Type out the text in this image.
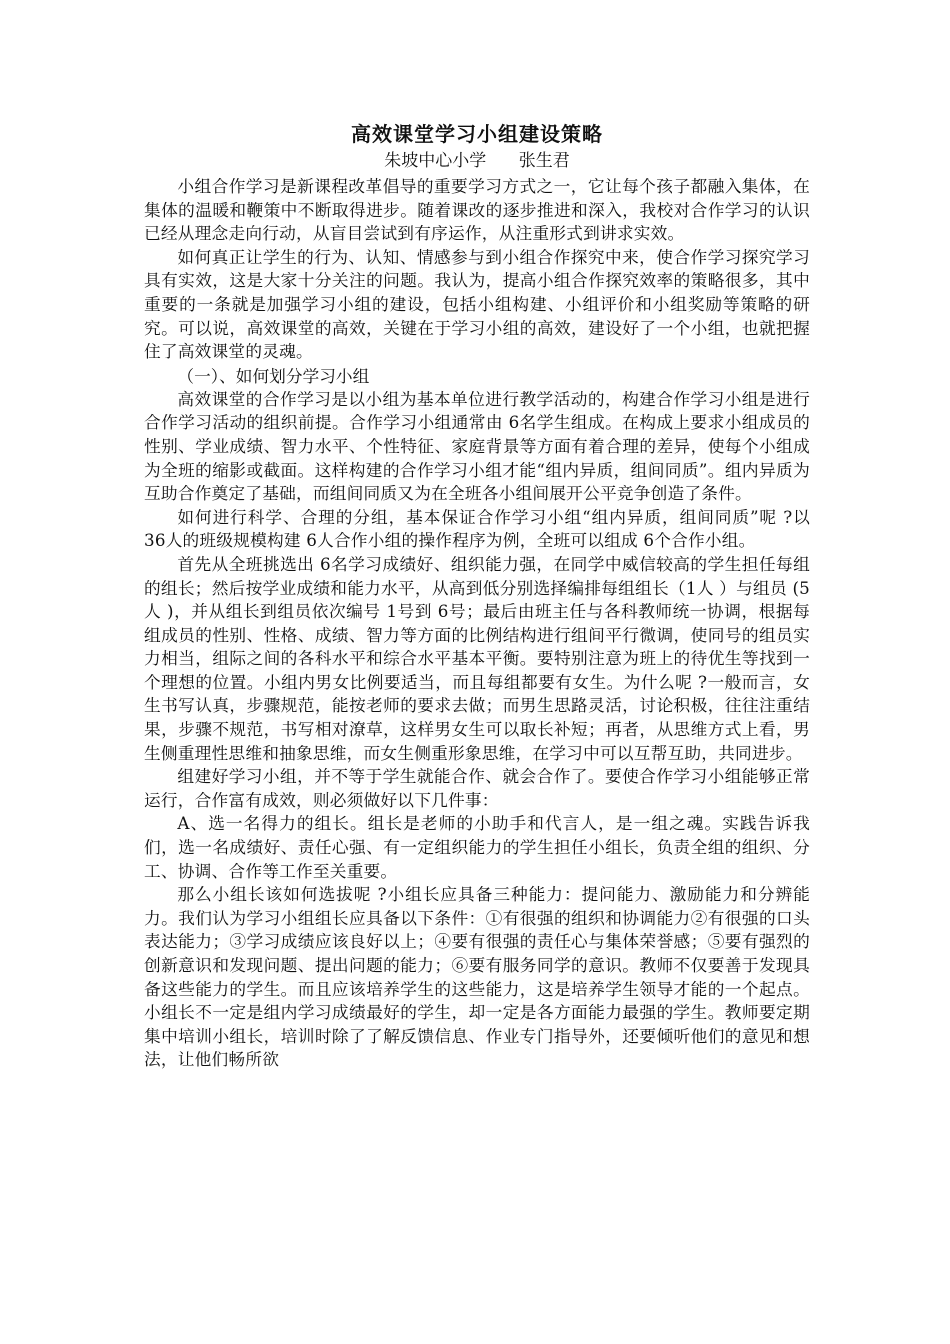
高效课堂学习小组建设策略
朱坡中心小学      张生君

小组合作学习是新课程改革倡导的重要学习方式之一，它让每个孩子都融入集体，在集体的温暖和鞭策中不断取得进步。随着课改的逐步推进和深入，我校对合作学习的认识已经从理念走向行动，从盲目尝试到有序运作，从注重形式到讲求实效。

如何真正让学生的行为、认知、情感参与到小组合作探究中来，使合作学习探究学习具有实效，这是大家十分关注的问题。我认为，提高小组合作探究效率的策略很多，其中重要的一条就是加强学习小组的建设，包括小组构建、小组评价和小组奖励等策略的研究。可以说，高效课堂的高效，关键在于学习小组的高效，建设好了一个小组，也就把握住了高效课堂的灵魂。

（一）、如何划分学习小组

高效课堂的合作学习是以小组为基本单位进行教学活动的，构建合作学习小组是进行合作学习活动的组织前提。合作学习小组通常由 6名学生组成。在构成上要求小组成员的性别、学业成绩、智力水平、个性特征、家庭背景等方面有着合理的差异，使每个小组成为全班的缩影或截面。这样构建的合作学习小组才能“组内异质，组间同质”。组内异质为互助合作奠定了基础，而组间同质又为在全班各小组间展开公平竞争创造了条件。

如何进行科学、合理的分组，基本保证合作学习小组“组内异质，组间同质”呢 ?以 36人的班级规模构建 6人合作小组的操作程序为例，全班可以组成 6个合作小组。

首先从全班挑选出 6名学习成绩好、组织能力强，在同学中威信较高的学生担任每组的组长；然后按学业成绩和能力水平，从高到低分别选择编排每组组长（1人 ）与组员 (5人 )，并从组长到组员依次编号 1号到 6号；最后由班主任与各科教师统一协调，根据每组成员的性别、性格、成绩、智力等方面的比例结构进行组间平行微调，使同号的组员实力相当，组际之间的各科水平和综合水平基本平衡。要特别注意为班上的待优生等找到一个理想的位置。小组内男女比例要适当，而且每组都要有女生。为什么呢 ?一般而言，女生书写认真，步骤规范，能按老师的要求去做；而男生思路灵活，讨论积极，往往注重结果，步骤不规范，书写相对潦草，这样男女生可以取长补短；再者，从思维方式上看，男生侧重理性思维和抽象思维，而女生侧重形象思维，在学习中可以互帮互助，共同进步。

组建好学习小组，并不等于学生就能合作、就会合作了。要使合作学习小组能够正常运行，合作富有成效，则必须做好以下几件事：

A、选一名得力的组长。组长是老师的小助手和代言人，是一组之魂。实践告诉我们，选一名成绩好、责任心强、有一定组织能力的学生担任小组长，负责全组的组织、分工、协调、合作等工作至关重要。

那么小组长该如何选拔呢 ?小组长应具备三种能力：提问能力、激励能力和分辨能力。我们认为学习小组组长应具备以下条件：①有很强的组织和协调能力②有很强的口头表达能力；③学习成绩应该良好以上；④要有很强的责任心与集体荣誉感；⑤要有强烈的创新意识和发现问题、提出问题的能力；⑥要有服务同学的意识。教师不仅要善于发现具备这些能力的学生。而且应该培养学生的这些能力，这是培养学生领导才能的一个起点。小组长不一定是组内学习成绩最好的学生，却一定是各方面能力最强的学生。教师要定期集中培训小组长，培训时除了了解反馈信息、作业专门指导外，还要倾听他们的意见和想法，让他们畅所欲
